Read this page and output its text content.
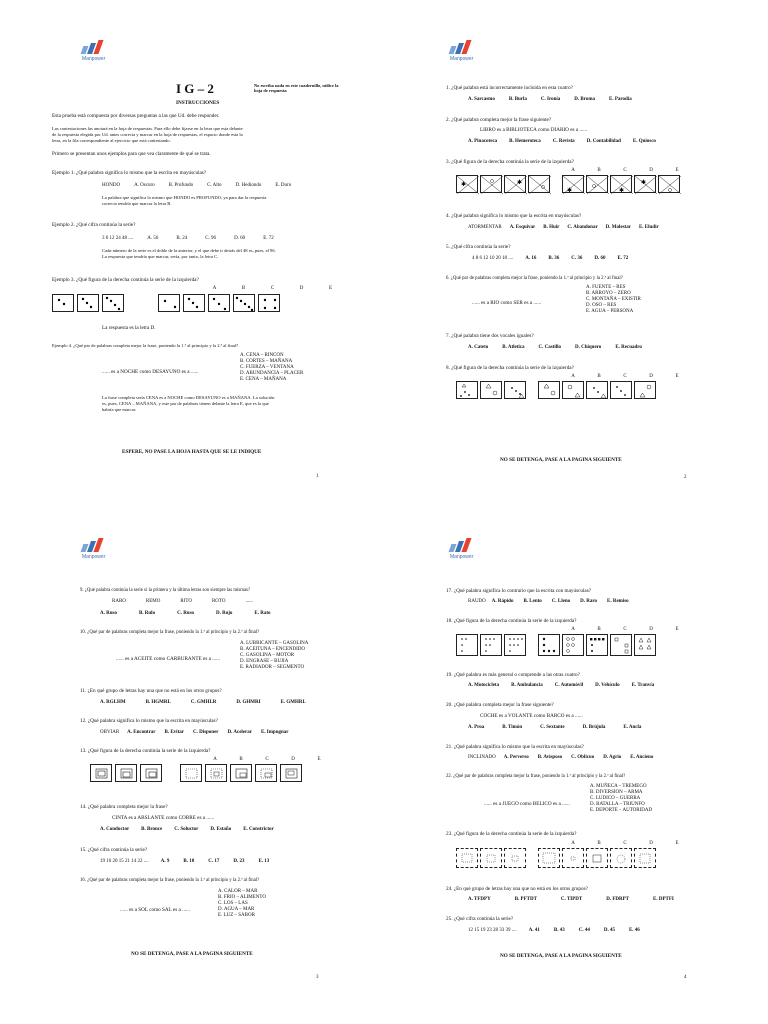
Manpower
I G – 2	No escriba nada en este cuadernillo, utilice la hoja de respuesta
INSTRUCCIONES
Esta prueba está compuesta por diversas preguntas a las que Ud. debe responder.
Las contestaciones las anotará en la hoja de respuestas. Para ello debe fijarse en la letra que esta delante
de la respuesta elegida por Ud. antes correcta y marcar en la hoja de respuestas, el espacio donde esta la
letra, en la fila correspondiente al ejercicio que está contestando.
Primero se presentan unos ejemplos para que vea claramente de qué se trata.
Ejemplo 1. ¿Qué palabra significa lo mismo que la escrita en mayúsculas?
HONDO	A. Oscuro	B. Profundo	C. Alto	D. Hediondo	E. Duro
La palabra que significa lo mismo que HONDO es PROFUNDO, ya para dar la respuesta
correcta tendría que marcar la letra B.
Ejemplo 2. ¿Qué cifra continúa la serie?
3 6 12 24 48 ....	A. 56	B. 24	C. 96	D. 60	E. 72
Cada número de la serie es el doble de la anterior, y el que debe ir detrás del 48 es, pues, el 96.
La respuesta que tendría que marcar, sería, por tanto, la letra C.
Ejemplo 3. ¿Qué figura de la derecha continúa la serie de la izquierda?
A	B	C	D	E
La respuesta es la letra D.
Ejemplo 4. ¿Qué par de palabras completa mejor la frase, poniendo la 1.ª al principio y la 2.ª al final?
A. CENA – RINCON
B. CORTES – MAÑANA
C. FUERZA – VENTANA
D. ABUNDANCIA – PLACER
E. CENA – MAÑANA
...... es a NOCHE como DESAYUNO es a ......
La frase completa sería CENA es a NOCHE como DESAYUNO es a MAÑANA. La solución
es, pues, CENA – MAÑANA, y este par de palabras tienen delante la letra E, que es la que
habría que marcar.
ESPERE, NO PASE LA HOJA HASTA QUE SE LE INDIQUE
1
Manpower
1. ¿Qué palabra está incorrectamente incluida en esta cuatro?
A. Sarcasmo	B. Burla	C. Ironía	D. Broma	E. Parodia
2. ¿Qué palabra completa mejor la frase siguiente?
LIBRO es a BIBLIOTECA como DIARIO es a ......
A. Pinacoteca B. Hemeroteca C. Revista D. Contabilidad E. Quiosco
3. ¿Qué figura de la derecha continúa la serie de la izquierda?
A	B	C	D	E
✱	✱
✱	✱
✱
4. ¿Qué palabra significa lo mismo que la escrita en mayúsculas?
ATORMENTAR A. Esquivar B. Huir C. Abandonar D. Molestar E. Eludir
5. ¿Qué cifra continúa la serie?
4 8 6 12 10 20 18 .... A. 16 B. 36 C. 36 D. 60 E. 72
6. ¿Qué par de palabras completa mejor la frase, poniendo la 1.ª al principio y la 2.ª al final?
A. FUENTE – RES
B. ARROYO – ZERO
C. MONTAÑA – EXISTIR
D. OSO – RES
E. AGUA – PERSONA
...... es a RIO como SER es a ......
7. ¿Qué palabra tiene dos vocales iguales?
A. Cateto	B. Atletica	C. Castillo	D. Chiquero	E. Recuadro
8. ¿Qué figura de la derecha continúa la serie de la izquierda?
A	B	C	D	E
NO SE DETENGA, PASE A LA PAGINA SIGUIENTE
2
Manpower
9. ¿Qué palabra continúa la serie si la primera y la última letras son siempre las mismas?
RARO	REMO	RITO	ROTO	......
A. Ruso	B. Rulo	C. Ruso	D. Rojo	E. Rato
10. ¿Qué par de palabras completa mejor la frase, poniendo la 1.ª al principio y la 2.ª al final?
A. LUBRICANTE – GASOLINA
B. ACEITUNA – ENCENDIDO
C. GASOLINA – MOTOR
D. ENGRASE – BUJIA
E. RADIADOR – SEGMENTO
...... es a ACEITE como CARBURANTE es a ......
11. ¿En qué grupo de letras hay una que no está en los otros grupos?
A. RGLHM	B. HGMRL	C. GMHLR	D. GHMRI	E. GMHRL
12. ¿Qué palabra significa lo mismo que la escrita en mayúsculas?
OBVIAR A. Encontrar B. Evitar C. Disponer D. Acelerar E. Impugnar
13. ¿Qué figura de la derecha continúa la serie de la izquierda?
A	B	C	D	E
14. ¿Qué palabra completa mejor la frase?
CINTA es a ABSLANTE como COBRE es a ......
A. Conductor B. Bronce C. Soluctor D. Estaño E. Constrictor
15. ¿Qué cifra continúa la serie?
19 16 20 15 21 14 22 .... A. 9	B. 10	C. 17	D. 23	E. 13
16. ¿Qué par de palabras completa mejor la frase, poniendo la 1.ª al principio y la 2.ª al final?
A. CALOR – MAR
B. FRIO – ALIMENTO
C. LOS – LAS
D. AGUA – MAR
E. LUZ – SABOR
...... es a SOL como SAL es a ......
NO SE DETENGA, PASE A LA PAGINA SIGUIENTE
3
Manpower
17. ¿Qué palabra significa lo contrario que la escrita con mayúsculas?
RAUDO A. Rápido B. Lento C. Lleno D. Raro E. Remiso
18. ¿Qué figura de la derecha continúa la serie de la izquierda?
A	B	C	D	E
19. ¿Qué palabra es más general o comprende a las otras cuatro?
A. Motocicleta B. Ambulancia C. Automóvil D. Vehículo E. Tranvía
20. ¿Qué palabra completa mejor la frase siguiente?
COCHE es a VOLANTE como BARCO es a ......
A. Proa	B. Timón	C. Sextante	D. Brújula	E. Ancla
21. ¿Qué palabra significa lo mismo que la escrita en mayúsculas?
INCLINADO A. Perverso B. Avisposo C. Oblicuo D. Agrio E. Ancieno
22. ¿Qué par de palabras completa mejor la frase, poniendo la 1.ª al principio y la 2.ª al final?
A. MUÑECA – TREMEGO
B. DIVERSION – ARMA
C. LUDICO – GUERRA
D. BATALLA – TRIUNFO
E. DEPORTE – AUTORIDAD
...... es a JUEGO como BELICO es a ......
23. ¿Qué figura de la derecha continúa la serie de la izquierda?
A	B	C	D	E
24. ¿En qué grupo de letras hay una que no está en los otros grupos?
A. TFDPY	B. PFTDT	C. TIPDT	D. FDRPT	E. DPTFI
25. ¿Qué cifra continúa la serie?
12 15 19 23 28 33 39 .... A. 41	B. 43	C. 44	D. 45	E. 46
NO SE DETENGA, PASE A LA PAGINA SIGUIENTE
4
